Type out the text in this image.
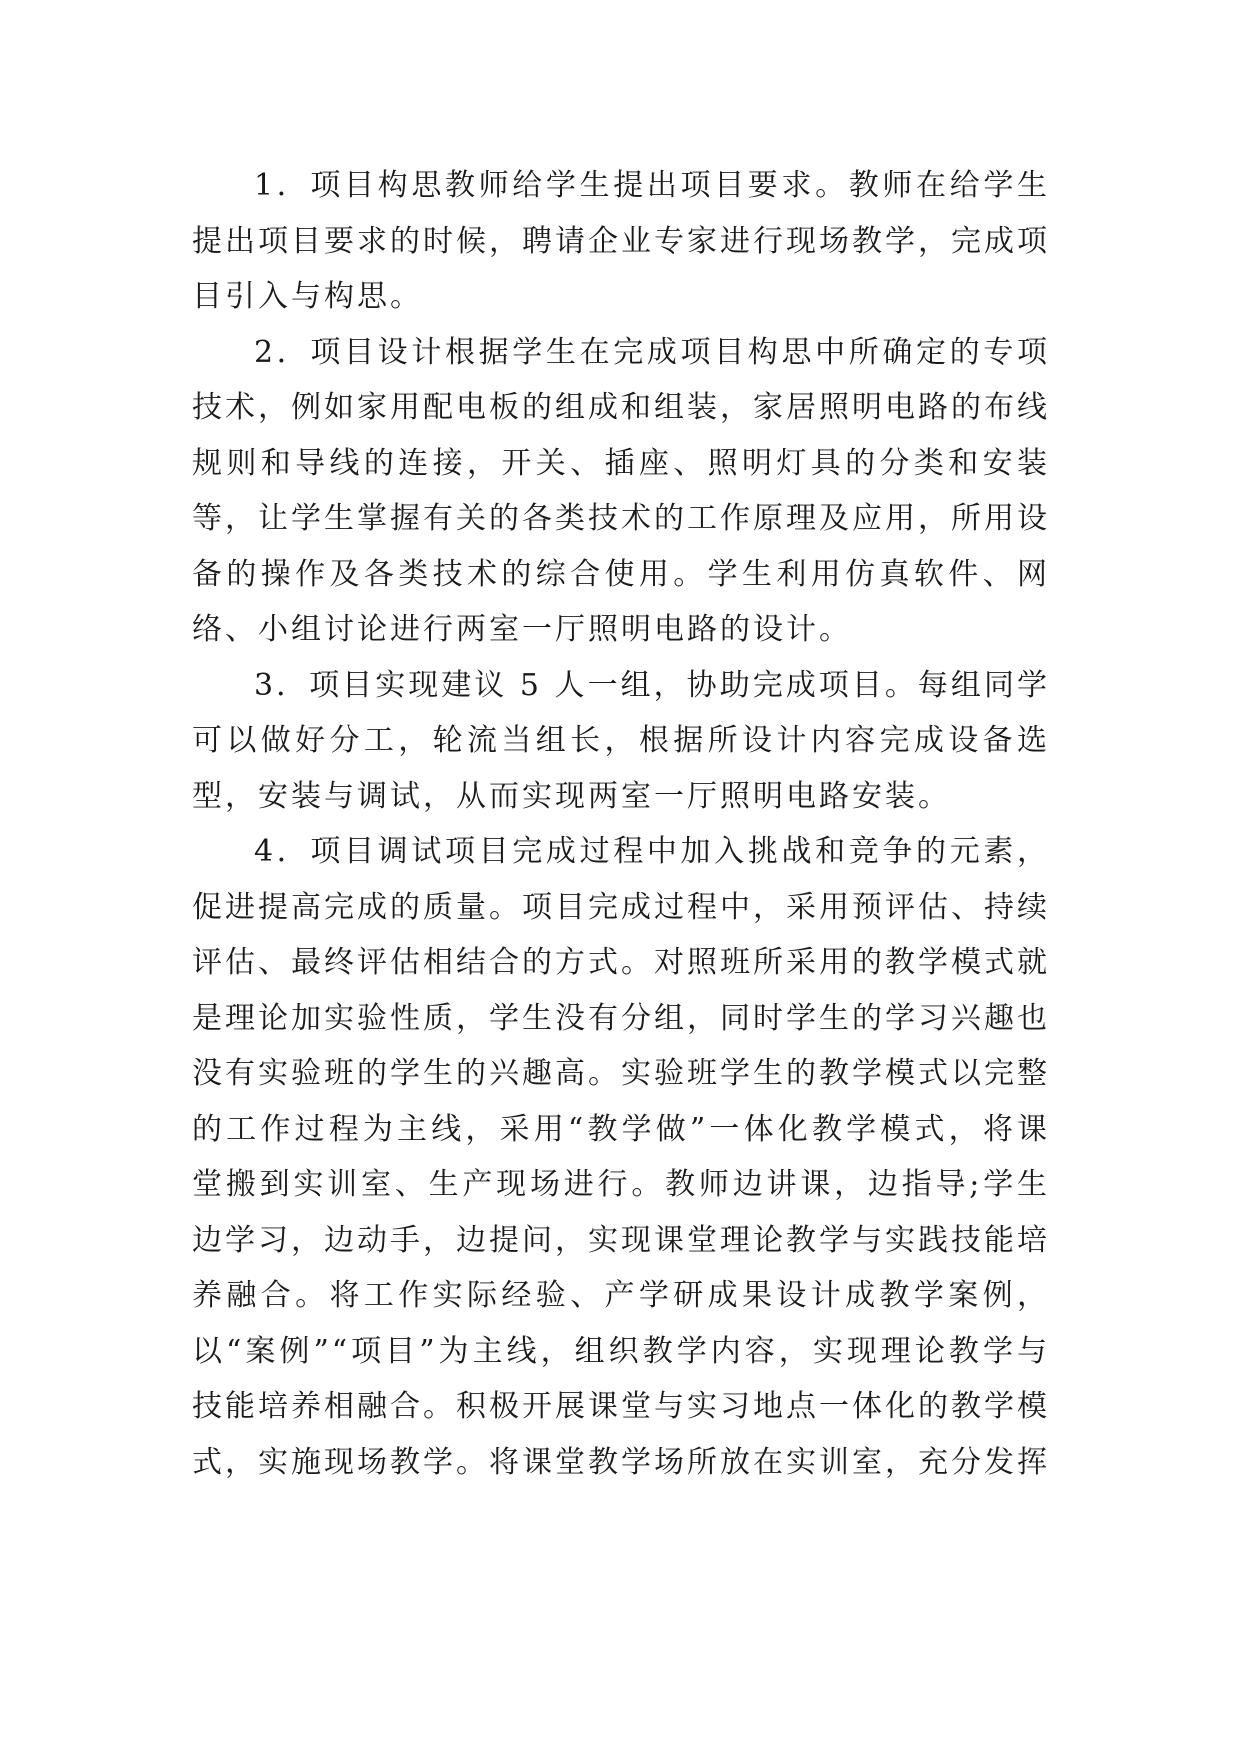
1．项目构思教师给学生提出项目要求。教师在给学生提出项目要求的时候，聘请企业专家进行现场教学，完成项目引入与构思。

2．项目设计根据学生在完成项目构思中所确定的专项技术，例如家用配电板的组成和组装，家居照明电路的布线规则和导线的连接，开关、插座、照明灯具的分类和安装等，让学生掌握有关的各类技术的工作原理及应用，所用设备的操作及各类技术的综合使用。学生利用仿真软件、网络、小组讨论进行两室一厅照明电路的设计。

3．项目实现建议 5 人一组，协助完成项目。每组同学可以做好分工，轮流当组长，根据所设计内容完成设备选型，安装与调试，从而实现两室一厅照明电路安装。

4．项目调试项目完成过程中加入挑战和竞争的元素，促进提高完成的质量。项目完成过程中，采用预评估、持续评估、最终评估相结合的方式。对照班所采用的教学模式就是理论加实验性质，学生没有分组，同时学生的学习兴趣也没有实验班的学生的兴趣高。实验班学生的教学模式以完整的工作过程为主线，采用“教学做”一体化教学模式，将课堂搬到实训室、生产现场进行。教师边讲课，边指导;学生边学习，边动手，边提问，实现课堂理论教学与实践技能培养融合。将工作实际经验、产学研成果设计成教学案例，以“案例”“项目”为主线，组织教学内容，实现理论教学与技能培养相融合。积极开展课堂与实习地点一体化的教学模式，实施现场教学。将课堂教学场所放在实训室，充分发挥
